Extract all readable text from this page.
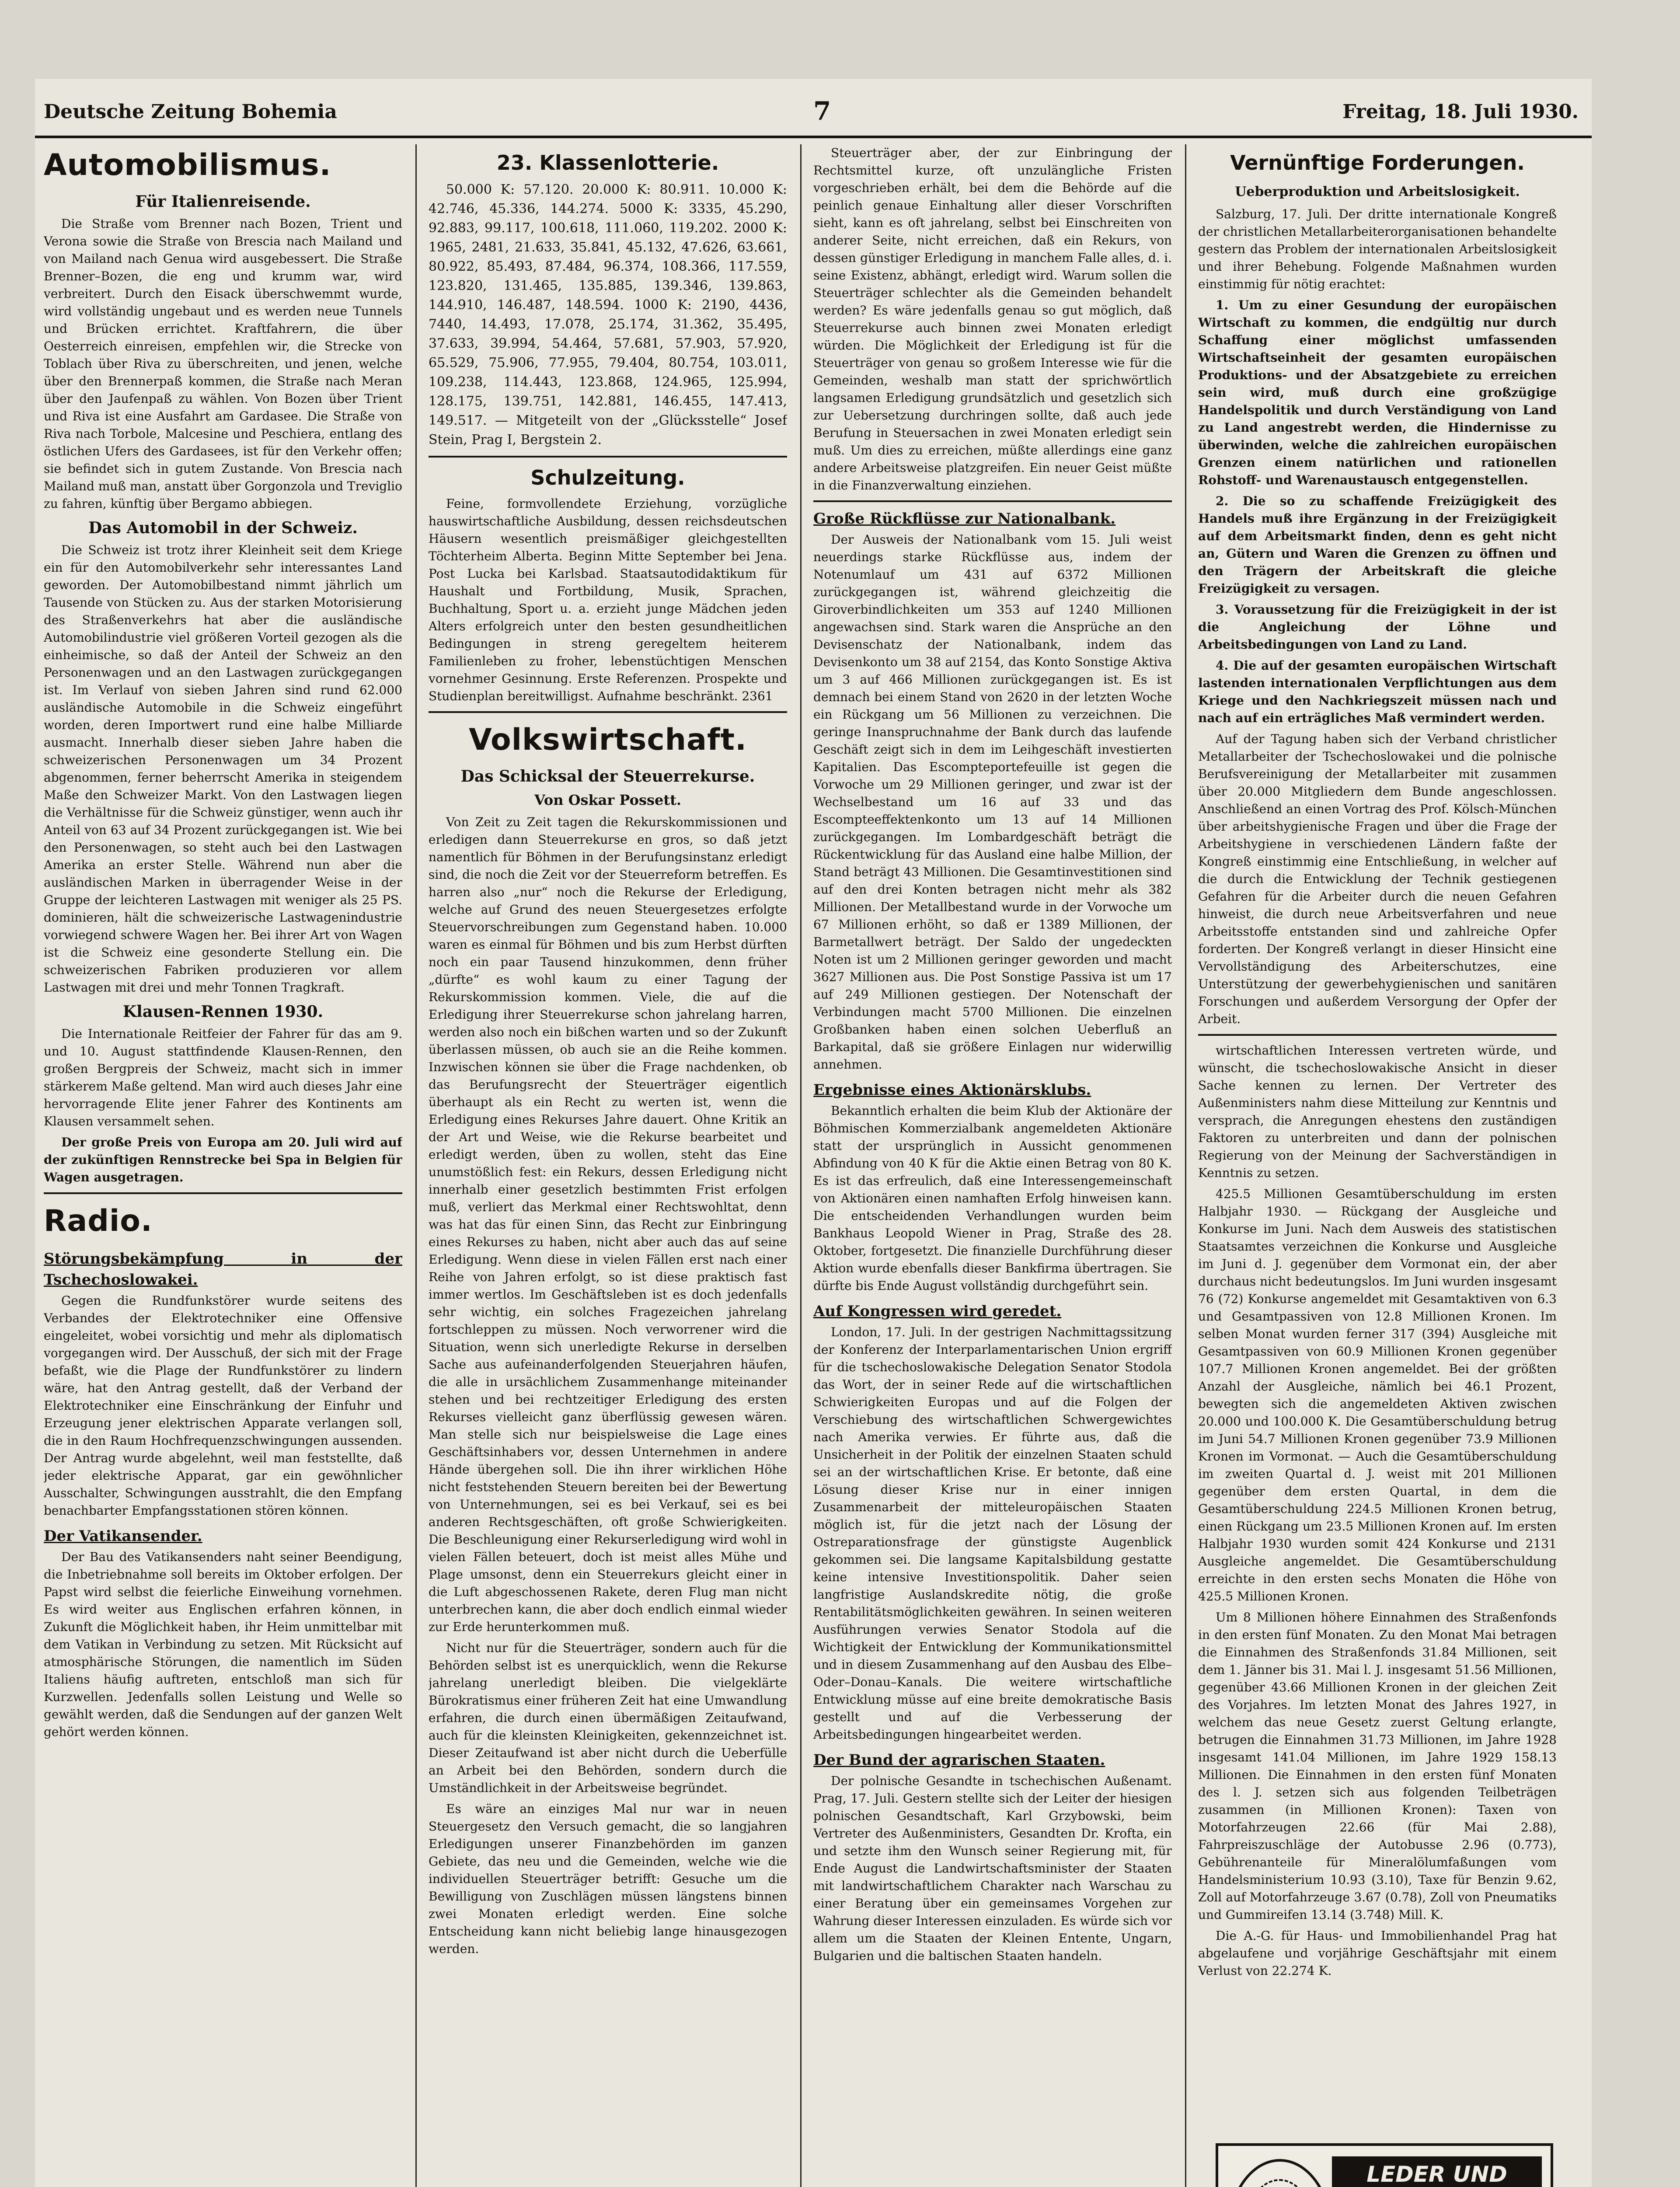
Deutsche Zeitung Bohemia	7	Freitag, 18. Juli 1930.
Automobilismus.
Für Italienreisende.

Die Straße vom Brenner nach Bozen, Trient und Verona sowie die Straße von Brescia nach Mailand und von Mailand nach Genua wird ausgebessert. Die Straße Brenner–Bozen, die eng und krumm war, wird verbreitert. Durch den Eisack überschwemmt wurde, wird vollständig ungebaut und es werden neue Tunnels und Brücken errichtet. Kraftfahrern, die über Oesterreich einreisen, empfehlen wir, die Strecke von Toblach über Riva zu überschreiten, und jenen, welche über den Brennerpaß kommen, die Straße nach Meran über den Jaufenpaß zu wählen. Von Bozen über Trient und Riva ist eine Ausfahrt am Gardasee. Die Straße von Riva nach Torbole, Malcesine und Peschiera, entlang des östlichen Ufers des Gardasees, ist für den Verkehr offen; sie befindet sich in gutem Zustande. Von Brescia nach Mailand muß man, anstatt über Gorgonzola und Treviglio zu fahren, künftig über Bergamo abbiegen.

Das Automobil in der Schweiz.

Die Schweiz ist trotz ihrer Kleinheit seit dem Kriege ein für den Automobilverkehr sehr interessantes Land geworden. Der Automobilbestand nimmt jährlich um Tausende von Stücken zu. Aus der starken Motorisierung des Straßenverkehrs hat aber die ausländische Automobilindustrie viel größeren Vorteil gezogen als die einheimische, so daß der Anteil der Schweiz an den Personenwagen und an den Lastwagen zurückgegangen ist. Im Verlauf von sieben Jahren sind rund 62.000 ausländische Automobile in die Schweiz eingeführt worden, deren Importwert rund eine halbe Milliarde ausmacht. Innerhalb dieser sieben Jahre haben die schweizerischen Personenwagen um 34 Prozent abgenommen, ferner beherrscht Amerika in steigendem Maße den Schweizer Markt. Von den Lastwagen liegen die Verhältnisse für die Schweiz günstiger, wenn auch ihr Anteil von 63 auf 34 Prozent zurückgegangen ist. Wie bei den Personenwagen, so steht auch bei den Lastwagen Amerika an erster Stelle. Während nun aber die ausländischen Marken in überragender Weise in der Gruppe der leichteren Lastwagen mit weniger als 25 PS. dominieren, hält die schweizerische Lastwagenindustrie vorwiegend schwere Wagen her. Bei ihrer Art von Wagen ist die Schweiz eine gesonderte Stellung ein. Die schweizerischen Fabriken produzieren vor allem Lastwagen mit drei und mehr Tonnen Tragkraft.

Klausen-Rennen 1930.

Die Internationale Reitfeier der Fahrer für das am 9. und 10. August stattfindende Klausen-Rennen, den großen Bergpreis der Schweiz, macht sich in immer stärkerem Maße geltend. Man wird auch dieses Jahr eine hervorragende Elite jener Fahrer des Kontinents am Klausen versammelt sehen.

Der große Preis von Europa am 20. Juli wird auf der zukünftigen Rennstrecke bei Spa in Belgien für Wagen ausgetragen.

Radio.
Störungsbekämpfung in der Tschechoslowakei.

Gegen die Rundfunkstörer wurde seitens des Verbandes der Elektrotechniker eine Offensive eingeleitet, wobei vorsichtig und mehr als diplomatisch vorgegangen wird. Der Ausschuß, der sich mit der Frage befaßt, wie die Plage der Rundfunkstörer zu lindern wäre, hat den Antrag gestellt, daß der Verband der Elektrotechniker eine Einschränkung der Einfuhr und Erzeugung jener elektrischen Apparate verlangen soll, die in den Raum Hochfrequenzschwingungen aussenden. Der Antrag wurde abgelehnt, weil man feststellte, daß jeder elektrische Apparat, gar ein gewöhnlicher Ausschalter, Schwingungen ausstrahlt, die den Empfang benachbarter Empfangsstationen stören können.

Der Vatikansender.

Der Bau des Vatikansenders naht seiner Beendigung, die Inbetriebnahme soll bereits im Oktober erfolgen. Der Papst wird selbst die feierliche Einweihung vornehmen. Es wird weiter aus Englischen erfahren können, in Zukunft die Möglichkeit haben, ihr Heim unmittelbar mit dem Vatikan in Verbindung zu setzen. Mit Rücksicht auf atmosphärische Störungen, die namentlich im Süden Italiens häufig auftreten, entschloß man sich für Kurzwellen. Jedenfalls sollen Leistung und Welle so gewählt werden, daß die Sendungen auf der ganzen Welt gehört werden können.

23. Klassenlotterie.

50.000 K: 57.120. 20.000 K: 80.911. 10.000 K: 42.746, 45.336, 144.274. 5000 K: 3335, 45.290, 92.883, 99.117, 100.618, 111.060, 119.202. 2000 K: 1965, 2481, 21.633, 35.841, 45.132, 47.626, 63.661, 80.922, 85.493, 87.484, 96.374, 108.366, 117.559, 123.820, 131.465, 135.885, 139.346, 139.863, 144.910, 146.487, 148.594. 1000 K: 2190, 4436, 7440, 14.493, 17.078, 25.174, 31.362, 35.495, 37.633, 39.994, 54.464, 57.681, 57.903, 57.920, 65.529, 75.906, 77.955, 79.404, 80.754, 103.011, 109.238, 114.443, 123.868, 124.965, 125.994, 128.175, 139.751, 142.881, 146.455, 147.413, 149.517. — Mitgeteilt von der „Glücksstelle“ Josef Stein, Prag I, Bergstein 2.

Schulzeitung.

Feine, formvollendete Erziehung, vorzügliche hauswirtschaftliche Ausbildung, dessen reichsdeutschen Häusern wesentlich preismäßiger gleichgestellten Töchterheim Alberta. Beginn Mitte September bei Jena. Post Lucka bei Karlsbad. Staatsautodidaktikum für Haushalt und Fortbildung, Musik, Sprachen, Buchhaltung, Sport u. a. erzieht junge Mädchen jeden Alters erfolgreich unter den besten gesundheitlichen Bedingungen in streng geregeltem heiterem Familienleben zu froher, lebenstüchtigen Menschen vornehmer Gesinnung. Erste Referenzen. Prospekte und Studienplan bereitwilligst. Aufnahme beschränkt. 2361

Volkswirtschaft.
Das Schicksal der Steuerrekurse.
Von Oskar Possett.

Von Zeit zu Zeit tagen die Rekurskommissionen und erledigen dann Steuerrekurse en gros, so daß jetzt namentlich für Böhmen in der Berufungsinstanz erledigt sind, die noch die Zeit vor der Steuerreform betreffen. Es harren also „nur“ noch die Rekurse der Erledigung, welche auf Grund des neuen Steuergesetzes erfolgte Steuervorschreibungen zum Gegenstand haben. 10.000 waren es einmal für Böhmen und bis zum Herbst dürften noch ein paar Tausend hinzukommen, denn früher „dürfte“ es wohl kaum zu einer Tagung der Rekurskommission kommen. Viele, die auf die Erledigung ihrer Steuerrekurse schon jahrelang harren, werden also noch ein bißchen warten und so der Zukunft überlassen müssen, ob auch sie an die Reihe kommen. Inzwischen können sie über die Frage nachdenken, ob das Berufungsrecht der Steuerträger eigentlich überhaupt als ein Recht zu werten ist, wenn die Erledigung eines Rekurses Jahre dauert. Ohne Kritik an der Art und Weise, wie die Rekurse bearbeitet und erledigt werden, üben zu wollen, steht das Eine unumstößlich fest: ein Rekurs, dessen Erledigung nicht innerhalb einer gesetzlich bestimmten Frist erfolgen muß, verliert das Merkmal einer Rechtswohltat, denn was hat das für einen Sinn, das Recht zur Einbringung eines Rekurses zu haben, nicht aber auch das auf seine Erledigung. Wenn diese in vielen Fällen erst nach einer Reihe von Jahren erfolgt, so ist diese praktisch fast immer wertlos. Im Geschäftsleben ist es doch jedenfalls sehr wichtig, ein solches Fragezeichen jahrelang fortschleppen zu müssen. Noch verworrener wird die Situation, wenn sich unerledigte Rekurse in derselben Sache aus aufeinanderfolgenden Steuerjahren häufen, die alle in ursächlichem Zusammenhange miteinander stehen und bei rechtzeitiger Erledigung des ersten Rekurses vielleicht ganz überflüssig gewesen wären. Man stelle sich nur beispielsweise die Lage eines Geschäftsinhabers vor, dessen Unternehmen in andere Hände übergehen soll. Die ihn ihrer wirklichen Höhe nicht feststehenden Steuern bereiten bei der Bewertung von Unternehmungen, sei es bei Verkauf, sei es bei anderen Rechtsgeschäften, oft große Schwierigkeiten. Die Beschleunigung einer Rekurserledigung wird wohl in vielen Fällen beteuert, doch ist meist alles Mühe und Plage umsonst, denn ein Steuerrekurs gleicht einer in die Luft abgeschossenen Rakete, deren Flug man nicht unterbrechen kann, die aber doch endlich einmal wieder zur Erde herunterkommen muß.

Nicht nur für die Steuerträger, sondern auch für die Behörden selbst ist es unerquicklich, wenn die Rekurse jahrelang unerledigt bleiben. Die vielgeklärte Bürokratismus einer früheren Zeit hat eine Umwandlung erfahren, die durch einen übermäßigen Zeitaufwand, auch für die kleinsten Kleinigkeiten, gekennzeichnet ist. Dieser Zeitaufwand ist aber nicht durch die Ueberfülle an Arbeit bei den Behörden, sondern durch die Umständlichkeit in der Arbeitsweise begründet.

Es wäre an einziges Mal nur war in neuen Steuergesetz den Versuch gemacht, die so langjahren Erledigungen unserer Finanzbehörden im ganzen Gebiete, das neu und die Gemeinden, welche wie die individuellen Steuerträger betrifft: Gesuche um die Bewilligung von Zuschlägen müssen längstens binnen zwei Monaten erledigt werden. Eine solche Entscheidung kann nicht beliebig lange hinausgezogen werden.

Steuerträger aber, der zur Einbringung der Rechtsmittel kurze, oft unzulängliche Fristen vorgeschrieben erhält, bei dem die Behörde auf die peinlich genaue Einhaltung aller dieser Vorschriften sieht, kann es oft jahrelang, selbst bei Einschreiten von anderer Seite, nicht erreichen, daß ein Rekurs, von dessen günstiger Erledigung in manchem Falle alles, d. i. seine Existenz, abhängt, erledigt wird. Warum sollen die Steuerträger schlechter als die Gemeinden behandelt werden? Es wäre jedenfalls genau so gut möglich, daß Steuerrekurse auch binnen zwei Monaten erledigt würden. Die Möglichkeit der Erledigung ist für die Steuerträger von genau so großem Interesse wie für die Gemeinden, weshalb man statt der sprichwörtlich langsamen Erledigung grundsätzlich und gesetzlich sich zur Uebersetzung durchringen sollte, daß auch jede Berufung in Steuersachen in zwei Monaten erledigt sein muß. Um dies zu erreichen, müßte allerdings eine ganz andere Arbeitsweise platzgreifen. Ein neuer Geist müßte in die Finanzverwaltung einziehen.

Große Rückflüsse zur Nationalbank.

Der Ausweis der Nationalbank vom 15. Juli weist neuerdings starke Rückflüsse aus, indem der Notenumlauf um 431 auf 6372 Millionen zurückgegangen ist, während gleichzeitig die Giroverbindlichkeiten um 353 auf 1240 Millionen angewachsen sind. Stark waren die Ansprüche an den Devisenschatz der Nationalbank, indem das Devisenkonto um 38 auf 2154, das Konto Sonstige Aktiva um 3 auf 466 Millionen zurückgegangen ist. Es ist demnach bei einem Stand von 2620 in der letzten Woche ein Rückgang um 56 Millionen zu verzeichnen. Die geringe Inanspruchnahme der Bank durch das laufende Geschäft zeigt sich in dem im Leihgeschäft investierten Kapitalien. Das Escompteportefeuille ist gegen die Vorwoche um 29 Millionen geringer, und zwar ist der Wechselbestand um 16 auf 33 und das Escompteeffektenkonto um 13 auf 14 Millionen zurückgegangen. Im Lombardgeschäft beträgt die Rückentwicklung für das Ausland eine halbe Million, der Stand beträgt 43 Millionen. Die Gesamtinvestitionen sind auf den drei Konten betragen nicht mehr als 382 Millionen. Der Metallbestand wurde in der Vorwoche um 67 Millionen erhöht, so daß er 1389 Millionen, der Barmetallwert beträgt. Der Saldo der ungedeckten Noten ist um 2 Millionen geringer geworden und macht 3627 Millionen aus. Die Post Sonstige Passiva ist um 17 auf 249 Millionen gestiegen. Der Notenschaft der Verbindungen macht 5700 Millionen. Die einzelnen Großbanken haben einen solchen Ueberfluß an Barkapital, daß sie größere Einlagen nur widerwillig annehmen.

Ergebnisse eines Aktionärsklubs.

Bekanntlich erhalten die beim Klub der Aktionäre der Böhmischen Kommerzialbank angemeldeten Aktionäre statt der ursprünglich in Aussicht genommenen Abfindung von 40 K für die Aktie einen Betrag von 80 K. Es ist das erfreulich, daß eine Interessengemeinschaft von Aktionären einen namhaften Erfolg hinweisen kann. Die entscheidenden Verhandlungen wurden beim Bankhaus Leopold Wiener in Prag, Straße des 28. Oktober, fortgesetzt. Die finanzielle Durchführung dieser Aktion wurde ebenfalls dieser Bankfirma übertragen. Sie dürfte bis Ende August vollständig durchgeführt sein.

Auf Kongressen wird geredet.

London, 17. Juli. In der gestrigen Nachmittagssitzung der Konferenz der Interparlamentarischen Union ergriff für die tschechoslowakische Delegation Senator Stodola das Wort, der in seiner Rede auf die wirtschaftlichen Schwierigkeiten Europas und auf die Folgen der Verschiebung des wirtschaftlichen Schwergewichtes nach Amerika verwies. Er führte aus, daß die Unsicherheit in der Politik der einzelnen Staaten schuld sei an der wirtschaftlichen Krise. Er betonte, daß eine Lösung dieser Krise nur in einer innigen Zusammenarbeit der mitteleuropäischen Staaten möglich ist, für die jetzt nach der Lösung der Ostreparationsfrage der günstigste Augenblick gekommen sei. Die langsame Kapitalsbildung gestatte keine intensive Investitionspolitik. Daher seien langfristige Auslandskredite nötig, die große Rentabilitätsmöglichkeiten gewähren. In seinen weiteren Ausführungen verwies Senator Stodola auf die Wichtigkeit der Entwicklung der Kommunikationsmittel und in diesem Zusammenhang auf den Ausbau des Elbe–Oder–Donau–Kanals. Die weitere wirtschaftliche Entwicklung müsse auf eine breite demokratische Basis gestellt und auf die Verbesserung der Arbeitsbedingungen hingearbeitet werden.

Der Bund der agrarischen Staaten.

Der polnische Gesandte in tschechischen Außenamt. Prag, 17. Juli. Gestern stellte sich der Leiter der hiesigen polnischen Gesandtschaft, Karl Grzybowski, beim Vertreter des Außenministers, Gesandten Dr. Krofta, ein und setzte ihm den Wunsch seiner Regierung mit, für Ende August die Landwirtschaftsminister der Staaten mit landwirtschaftlichem Charakter nach Warschau zu einer Beratung über ein gemeinsames Vorgehen zur Wahrung dieser Interessen einzuladen. Es würde sich vor allem um die Staaten der Kleinen Entente, Ungarn, Bulgarien und die baltischen Staaten handeln.

Vernünftige Forderungen.
Ueberproduktion und Arbeitslosigkeit.

Salzburg, 17. Juli. Der dritte internationale Kongreß der christlichen Metallarbeiterorganisationen behandelte gestern das Problem der internationalen Arbeitslosigkeit und ihrer Behebung. Folgende Maßnahmen wurden einstimmig für nötig erachtet:

1. Um zu einer Gesundung der europäischen Wirtschaft zu kommen, die endgültig nur durch Schaffung einer möglichst umfassenden Wirtschaftseinheit der gesamten europäischen Produktions- und der Absatzgebiete zu erreichen sein wird, muß durch eine großzügige Handelspolitik und durch Verständigung von Land zu Land angestrebt werden, die Hindernisse zu überwinden, welche die zahlreichen europäischen Grenzen einem natürlichen und rationellen Rohstoff- und Warenaustausch entgegenstellen.

2. Die so zu schaffende Freizügigkeit des Handels muß ihre Ergänzung in der Freizügigkeit auf dem Arbeitsmarkt finden, denn es geht nicht an, Gütern und Waren die Grenzen zu öffnen und den Trägern der Arbeitskraft die gleiche Freizügigkeit zu versagen.

3. Voraussetzung für die Freizügigkeit in der ist die Angleichung der Löhne und Arbeitsbedingungen von Land zu Land.

4. Die auf der gesamten europäischen Wirtschaft lastenden internationalen Verpflichtungen aus dem Kriege und den Nachkriegszeit müssen nach und nach auf ein erträgliches Maß vermindert werden.

Auf der Tagung haben sich der Verband christlicher Metallarbeiter der Tschechoslowakei und die polnische Berufsvereinigung der Metallarbeiter mit zusammen über 20.000 Mitgliedern dem Bunde angeschlossen. Anschließend an einen Vortrag des Prof. Kölsch-München über arbeitshygienische Fragen und über die Frage der Arbeitshygiene in verschiedenen Ländern faßte der Kongreß einstimmig eine Entschließung, in welcher auf die durch die Entwicklung der Technik gestiegenen Gefahren für die Arbeiter durch die neuen Gefahren hinweist, die durch neue Arbeitsverfahren und neue Arbeitsstoffe entstanden sind und zahlreiche Opfer forderten. Der Kongreß verlangt in dieser Hinsicht eine Vervollständigung des Arbeiterschutzes, eine Unterstützung der gewerbehygienischen und sanitären Forschungen und außerdem Versorgung der Opfer der Arbeit.

wirtschaftlichen Interessen vertreten würde, und wünscht, die tschechoslowakische Ansicht in dieser Sache kennen zu lernen. Der Vertreter des Außenministers nahm diese Mitteilung zur Kenntnis und versprach, die Anregungen ehestens den zuständigen Faktoren zu unterbreiten und dann der polnischen Regierung von der Meinung der Sachverständigen in Kenntnis zu setzen.

425.5 Millionen Gesamtüberschuldung im ersten Halbjahr 1930. — Rückgang der Ausgleiche und Konkurse im Juni. Nach dem Ausweis des statistischen Staatsamtes verzeichnen die Konkurse und Ausgleiche im Juni d. J. gegenüber dem Vormonat ein, der aber durchaus nicht bedeutungslos. Im Juni wurden insgesamt 76 (72) Konkurse angemeldet mit Gesamtaktiven von 6.3 und Gesamtpassiven von 12.8 Millionen Kronen. Im selben Monat wurden ferner 317 (394) Ausgleiche mit Gesamtpassiven von 60.9 Millionen Kronen gegenüber 107.7 Millionen Kronen angemeldet. Bei der größten Anzahl der Ausgleiche, nämlich bei 46.1 Prozent, bewegten sich die angemeldeten Aktiven zwischen 20.000 und 100.000 K. Die Gesamtüberschuldung betrug im Juni 54.7 Millionen Kronen gegenüber 73.9 Millionen Kronen im Vormonat. — Auch die Gesamtüberschuldung im zweiten Quartal d. J. weist mit 201 Millionen gegenüber dem ersten Quartal, in dem die Gesamtüberschuldung 224.5 Millionen Kronen betrug, einen Rückgang um 23.5 Millionen Kronen auf. Im ersten Halbjahr 1930 wurden somit 424 Konkurse und 2131 Ausgleiche angemeldet. Die Gesamtüberschuldung erreichte in den ersten sechs Monaten die Höhe von 425.5 Millionen Kronen.

Um 8 Millionen höhere Einnahmen des Straßenfonds in den ersten fünf Monaten. Zu den Monat Mai betragen die Einnahmen des Straßenfonds 31.84 Millionen, seit dem 1. Jänner bis 31. Mai l. J. insgesamt 51.56 Millionen, gegenüber 43.66 Millionen Kronen in der gleichen Zeit des Vorjahres. Im letzten Monat des Jahres 1927, in welchem das neue Gesetz zuerst Geltung erlangte, betrugen die Einnahmen 31.73 Millionen, im Jahre 1928 insgesamt 141.04 Millionen, im Jahre 1929 158.13 Millionen. Die Einnahmen in den ersten fünf Monaten des l. J. setzen sich aus folgenden Teilbeträgen zusammen (in Millionen Kronen): Taxen von Motorfahrzeugen 22.66 (für Mai 2.88), Fahrpreiszuschläge der Autobusse 2.96 (0.773), Gebührenanteile für Mineralölumfaßungen vom Handelsministerium 10.93 (3.10), Taxe für Benzin 9.62, Zoll auf Motorfahrzeuge 3.67 (0.78), Zoll von Pneumatiks und Gummireifen 13.14 (3.748) Mill. K.

Die A.-G. für Haus- und Immobilienhandel Prag hat abgelaufene und vorjährige Geschäftsjahr mit einem Verlust von 22.274 K.

LEDER UND
